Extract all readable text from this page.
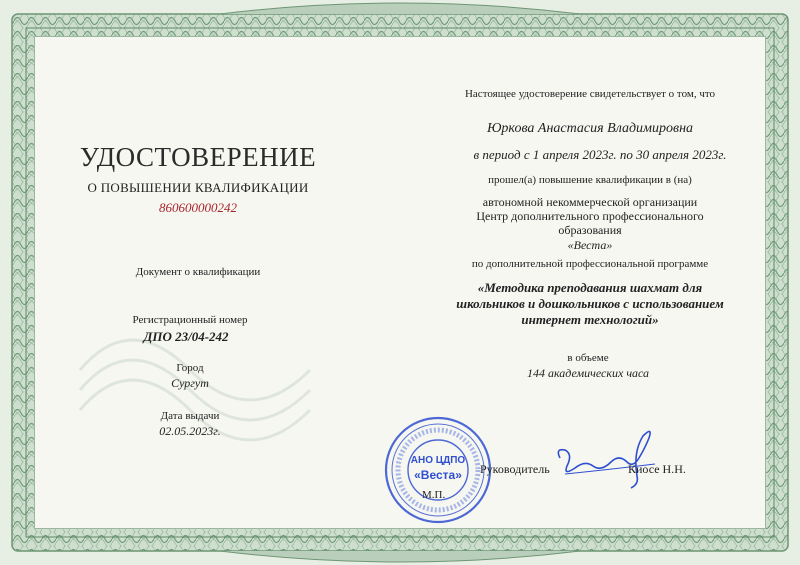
УДОСТОВЕРЕНИЕ
О ПОВЫШЕНИИ КВАЛИФИКАЦИИ
860600000242
Документ о квалификации
Регистрационный номер
ДПО 23/04-242
Город
Сургут
Дата выдачи
02.05.2023г.
Настоящее удостоверение свидетельствует о том, что
Юркова Анастасия Владимировна
в период с 1 апреля 2023г. по 30 апреля 2023г.
прошел(а) повышение квалификации в (на)
автономной некоммерческой организации
Центр дополнительного профессионального
образования
«Веста»
по дополнительной профессиональной программе
«Методика преподавания шахмат для
школьников и дошкольников с использованием
интернет технологий»
в объеме
144 академических часа
АНО ЦДПО
«Веста» Руководитель	Киосе Н.Н.
М.П.
